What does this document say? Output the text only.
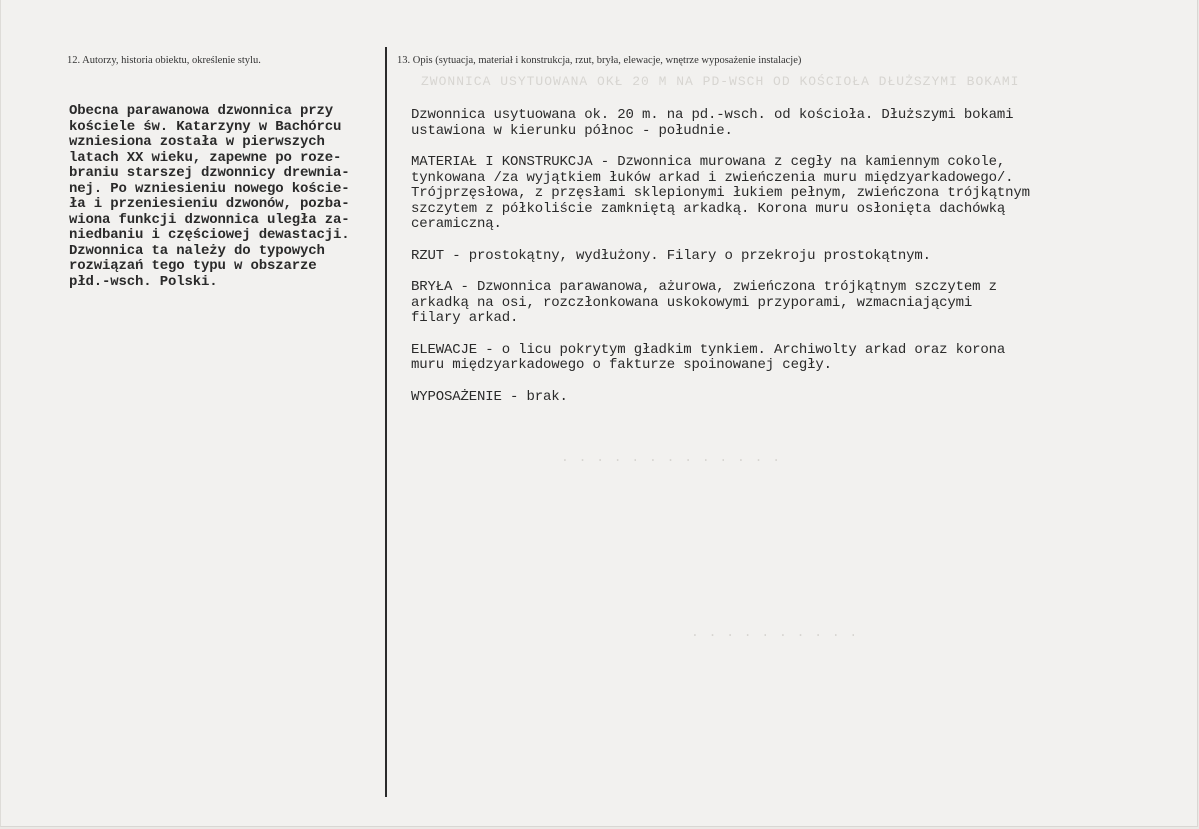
12. Autorzy, historia obiektu, określenie stylu.	13. Opis (sytuacja, materiał i konstrukcja, rzut, bryła, elewacje, wnętrze wyposażenie instalacje)
ZWONNICA USYTUOWANA OKŁ 20 M NA PD-WSCH OD KOŚCIOŁA DŁUŻSZYMI BOKAMI
. . . . . . . . . . . . .
. . . . . . . . . .
Obecna parawanowa dzwonnica przy
kościele św. Katarzyny w Bachórcu
wzniesiona została w pierwszych
latach XX wieku, zapewne po roze-
braniu starszej dzwonnicy drewnia-
nej. Po wzniesieniu nowego koście-
ła i przeniesieniu dzwonów, pozba-
wiona funkcji dzwonnica uległa za-
niedbaniu i częściowej dewastacji.
Dzwonnica ta należy do typowych
rozwiązań tego typu w obszarze
płd.-wsch. Polski.
Dzwonnica usytuowana ok. 20 m. na pd.-wsch. od kościoła. Dłuższymi bokami
ustawiona w kierunku północ - południe.
MATERIAŁ I KONSTRUKCJA - Dzwonnica murowana z cegły na kamiennym cokole,
tynkowana /za wyjątkiem łuków arkad i zwieńczenia muru międzyarkadowego/.
Trójprzęsłowa, z przęsłami sklepionymi łukiem pełnym, zwieńczona trójkątnym
szczytem z półkoliście zamkniętą arkadką. Korona muru osłonięta dachówką
ceramiczną.
RZUT - prostokątny, wydłużony. Filary o przekroju prostokątnym.
BRYŁA - Dzwonnica parawanowa, ażurowa, zwieńczona trójkątnym szczytem z
arkadką na osi, rozczłonkowana uskokowymi przyporami, wzmacniającymi
filary arkad.
ELEWACJE - o licu pokrytym gładkim tynkiem. Archiwolty arkad oraz korona
muru międzyarkadowego o fakturze spoinowanej cegły.
WYPOSAŻENIE - brak.
